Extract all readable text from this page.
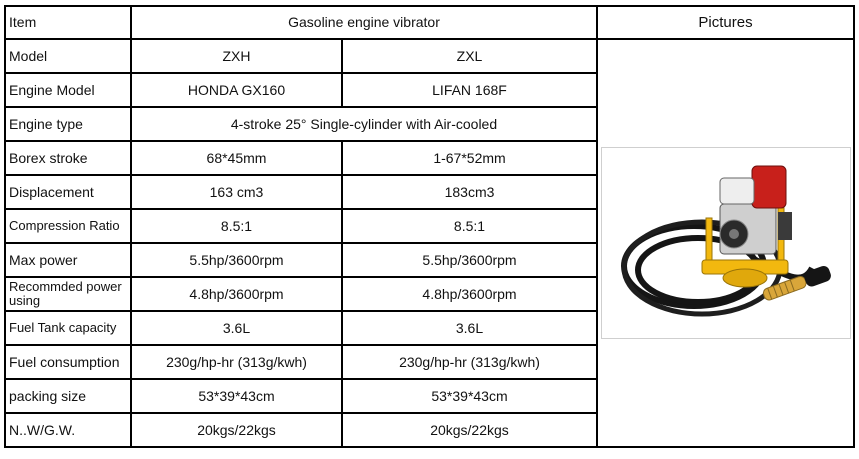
Item	Gasoline engine vibrator		Pictures
Model	ZXH	ZXL	

Engine Model	HONDA GX160	LIFAN 168F	
Engine type	4-stroke 25° Single-cylinder with Air-cooled		
Borex stroke	68*45mm	1-67*52mm	
Displacement	163 cm3	183cm3	
Compression Ratio	8.5:1	8.5:1	
Max power	5.5hp/3600rpm	5.5hp/3600rpm	
Recommded power using	4.8hp/3600rpm	4.8hp/3600rpm	
Fuel Tank capacity	3.6L	3.6L	
Fuel consumption	230g/hp-hr (313g/kwh)	230g/hp-hr (313g/kwh)	
packing size	53*39*43cm	53*39*43cm	
N..W/G.W.	20kgs/22kgs	20kgs/22kgs	
